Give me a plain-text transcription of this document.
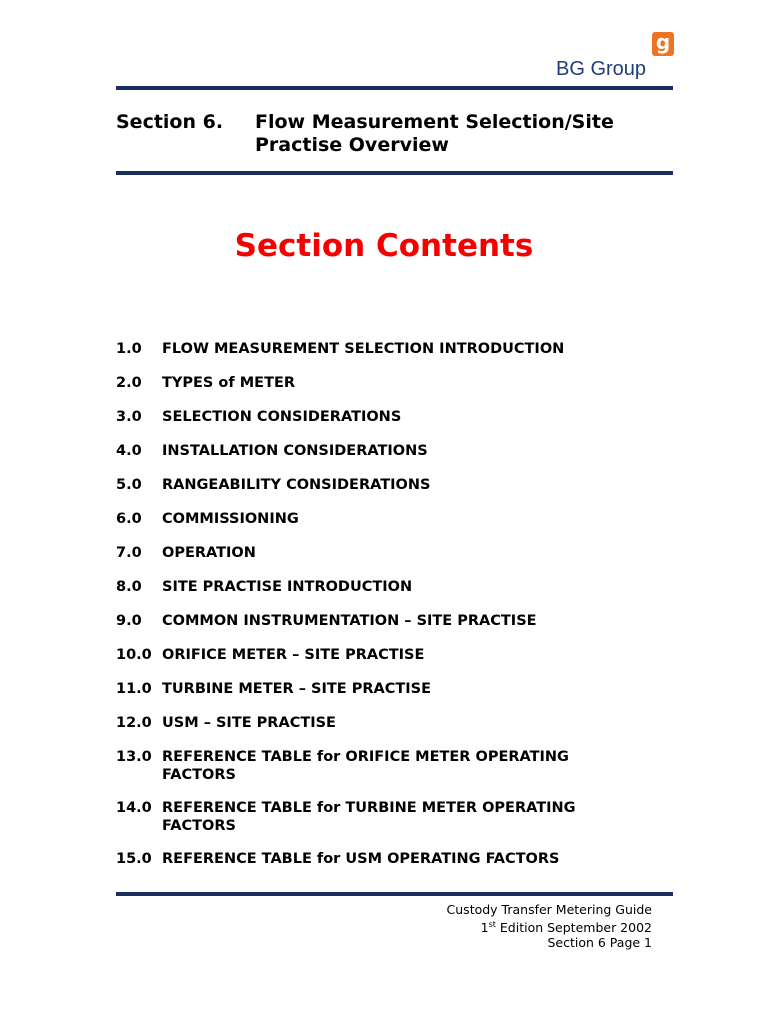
g
BG Group
Section 6. Flow Measurement Selection/Site Practise Overview
Section Contents
1.0 FLOW MEASUREMENT SELECTION INTRODUCTION
2.0 TYPES of METER
3.0 SELECTION CONSIDERATIONS
4.0 INSTALLATION CONSIDERATIONS
5.0 RANGEABILITY CONSIDERATIONS
6.0 COMMISSIONING
7.0 OPERATION
8.0 SITE PRACTISE INTRODUCTION
9.0 COMMON INSTRUMENTATION – SITE PRACTISE
10.0 ORIFICE METER – SITE PRACTISE
11.0 TURBINE METER – SITE PRACTISE
12.0 USM – SITE PRACTISE
13.0 REFERENCE TABLE for ORIFICE METER OPERATING FACTORS
14.0 REFERENCE TABLE for TURBINE METER OPERATING FACTORS
15.0 REFERENCE TABLE for USM OPERATING FACTORS
Custody Transfer Metering Guide
1st Edition September 2002
Section 6 Page 1
